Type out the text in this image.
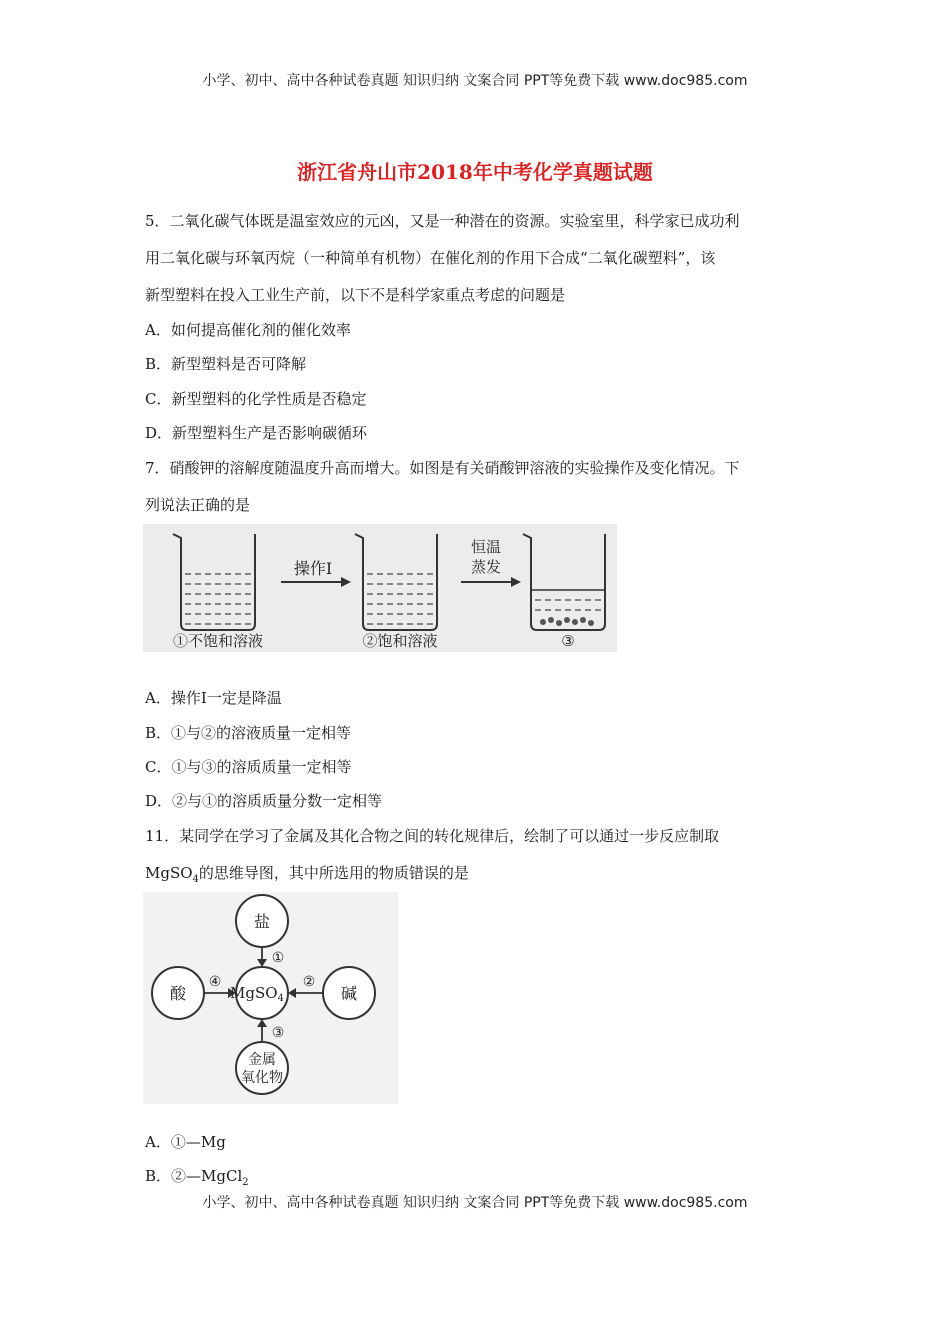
小学、初中、高中各种试卷真题 知识归纳 文案合同 PPT等免费下载 www.doc985.com
浙江省舟山市2018年中考化学真题试题
5．二氧化碳气体既是温室效应的元凶，又是一种潜在的资源。实验室里，科学家已成功利
用二氧化碳与环氧丙烷（一种简单有机物）在催化剂的作用下合成“二氧化碳塑料”，该
新型塑料在投入工业生产前，以下不是科学家重点考虑的问题是
A．如何提高催化剂的催化效率
B．新型塑料是否可降解
C．新型塑料的化学性质是否稳定
D．新型塑料生产是否影响碳循环
7．硝酸钾的溶解度随温度升高而增大。如图是有关硝酸钾溶液的实验操作及变化情况。下
列说法正确的是
操作Ⅰ
恒温
蒸发
①不饱和溶液	②饱和溶液	③
A．操作Ⅰ一定是降温
B．①与②的溶液质量一定相等
C．①与③的溶质质量一定相等
D．②与①的溶质质量分数一定相等
11．某同学在学习了金属及其化合物之间的转化规律后，绘制了可以通过一步反应制取
MgSO$_4$的思维导图，其中所选用的物质错误的是
盐
酸	碱
金属
氧化物
MgSO$_4$
①
②
③
④
A．①—Mg
B．②—MgCl$_2$
小学、初中、高中各种试卷真题 知识归纳 文案合同 PPT等免费下载 www.doc985.com
